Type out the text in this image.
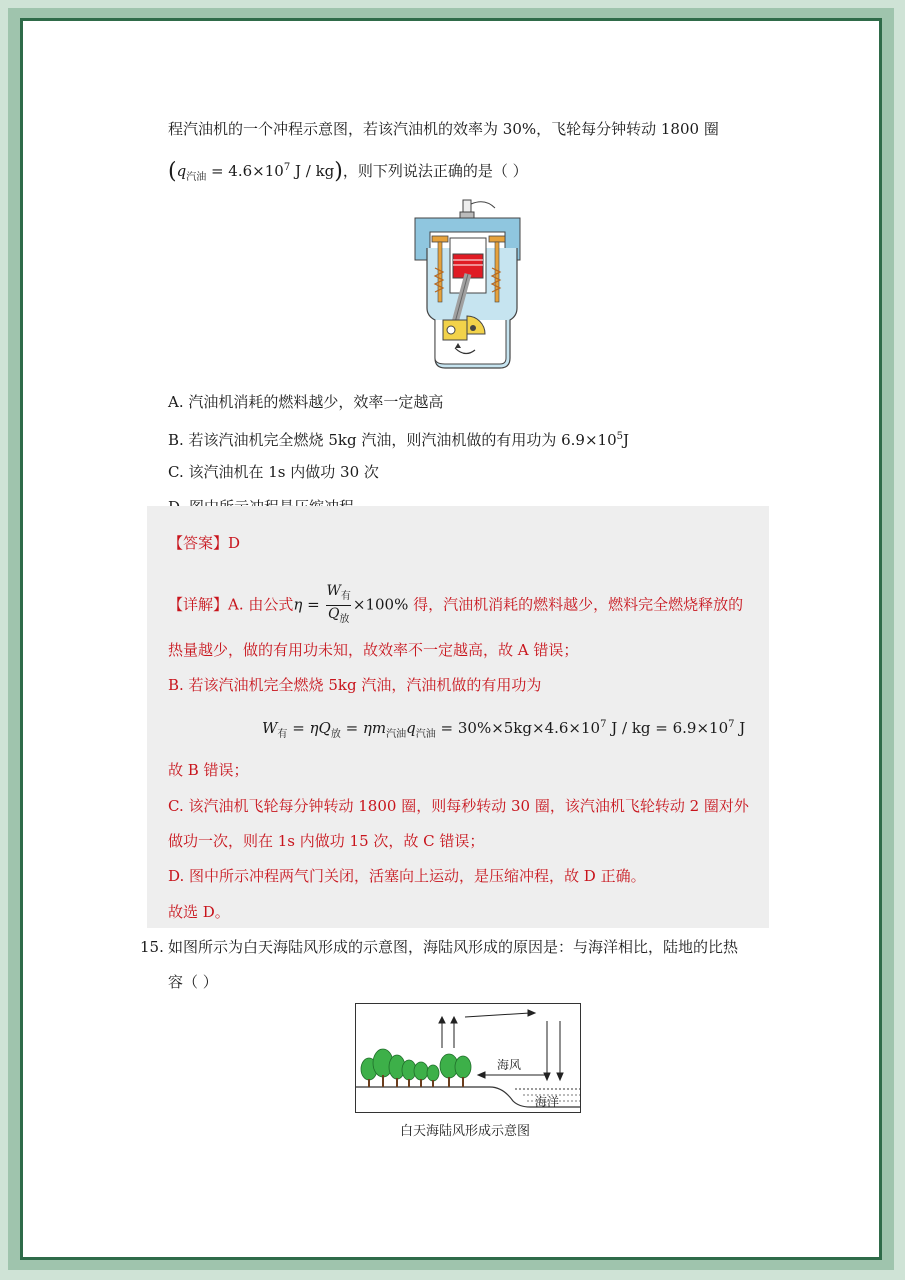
程汽油机的一个冲程示意图，若该汽油机的效率为 30%，飞轮每分钟转动 1800 圈
($q_{汽油} = 4.6\times 10^7$ J / kg)，则下列说法正确的是（ ）
A. 汽油机消耗的燃料越少，效率一定越高
B. 若该汽油机完全燃烧 5kg 汽油，则汽油机做的有用功为 $6.9\times 10^5J$
C. 该汽油机在 1s 内做功 30 次
【答案】D
【详解】A. 由公式$\eta = \frac{W_有}{Q_放} \times 100\%$ 得，汽油机消耗的燃料越少，燃料完全燃烧释放的
热量越少，做的有用功未知，故效率不一定越高，故 A 错误；
B. 若该汽油机完全燃烧 5kg 汽油，汽油机做的有用功为
$W_有 = \eta Q_放 = \eta m_{汽油}q_{汽油} = 30\%\times 5kg\times 4.6\times 10^7$ J / kg = $6.9\times 10^7$ J
故 B 错误；
C. 该汽油机飞轮每分钟转动 1800 圈，则每秒转动 30 圈，该汽油机飞轮转动 2 圈对外
做功一次，则在 1s 内做功 15 次，故 C 错误；
D. 图中所示冲程两气门关闭，活塞向上运动，是压缩冲程，故 D 正确。
故选 D。
15. 如图所示为白天海陆风形成的示意图，海陆风形成的原因是：与海洋相比，陆地的比热
容（ ）
海风
海洋
白天海陆风形成示意图
